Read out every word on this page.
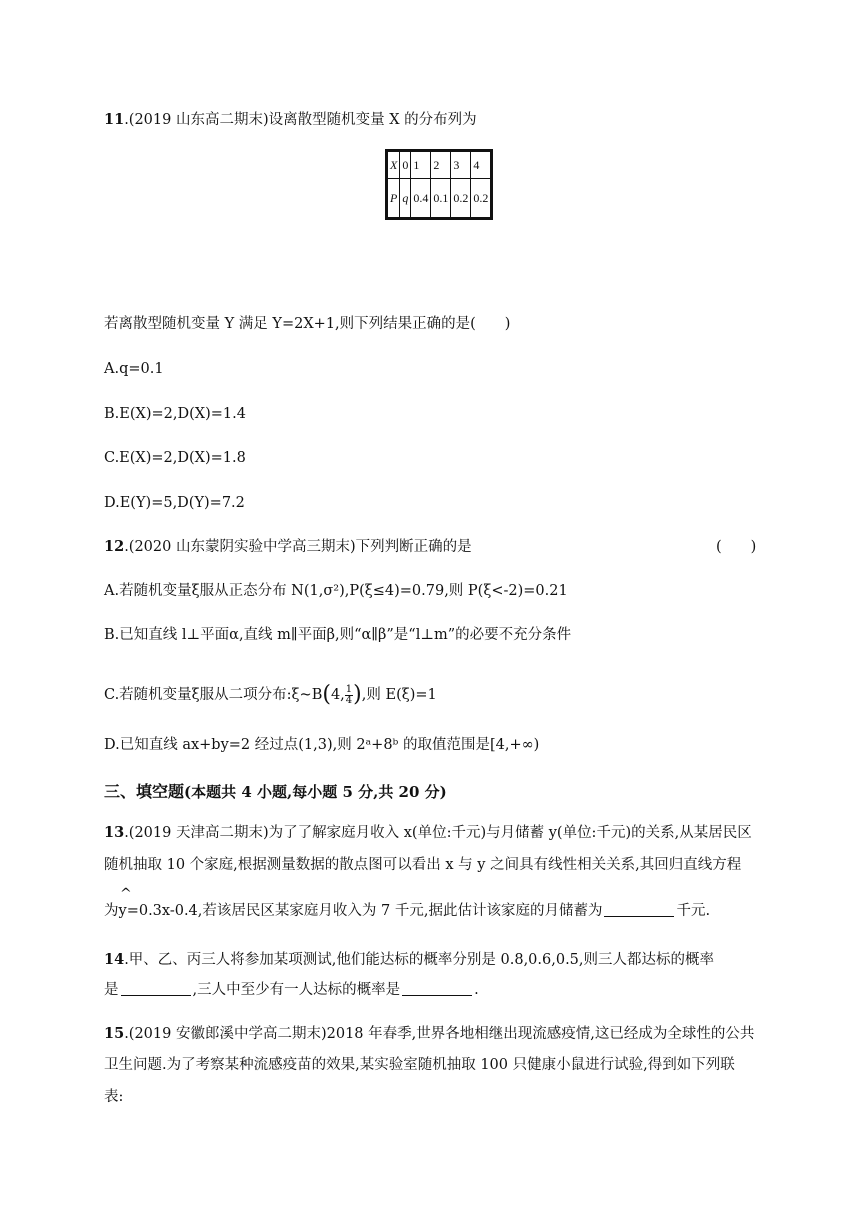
11.(2019 山东高二期末)设离散型随机变量 X 的分布列为
X	0	1	2	3	4
P	q	0.4	0.1	0.2	0.2
若离散型随机变量 Y 满足 Y=2X+1,则下列结果正确的是(　　)
A.q=0.1
B.E(X)=2,D(X)=1.4
C.E(X)=2,D(X)=1.8
D.E(Y)=5,D(Y)=7.2
12.(2020 山东蒙阴实验中学高三期末)下列判断正确的是	(　　)
A.若随机变量ξ服从正态分布 N(1,σ²),P(ξ≤4)=0.79,则 P(ξ<-2)=0.21
B.已知直线 l⊥平面α,直线 m∥平面β,则“α∥β”是“l⊥m”的必要不充分条件
C.若随机变量ξ服从二项分布:ξ~B(4, $\frac{1}{4}$ ),则 E(ξ)=1
D.已知直线 ax+by=2 经过点(1,3),则 2ᵃ+8ᵇ 的取值范围是[4,+∞)
三、填空题(本题共 4 小题,每小题 5 分,共 20 分)
13.(2019 天津高二期末)为了了解家庭月收入 x(单位:千元)与月储蓄 y(单位:千元)的关系,从某居民区
随机抽取 10 个家庭,根据测量数据的散点图可以看出 x 与 y 之间具有线性相关关系,其回归直线方程
^
为y=0.3x-0.4,若该居民区某家庭月收入为 7 千元,据此估计该家庭的月储蓄为	千元.
14.甲、乙、丙三人将参加某项测试,他们能达标的概率分别是 0.8,0.6,0.5,则三人都达标的概率
是	,三人中至少有一人达标的概率是	.
15.(2019 安徽郎溪中学高二期末)2018 年春季,世界各地相继出现流感疫情,这已经成为全球性的公共
卫生问题.为了考察某种流感疫苗的效果,某实验室随机抽取 100 只健康小鼠进行试验,得到如下列联
表:
